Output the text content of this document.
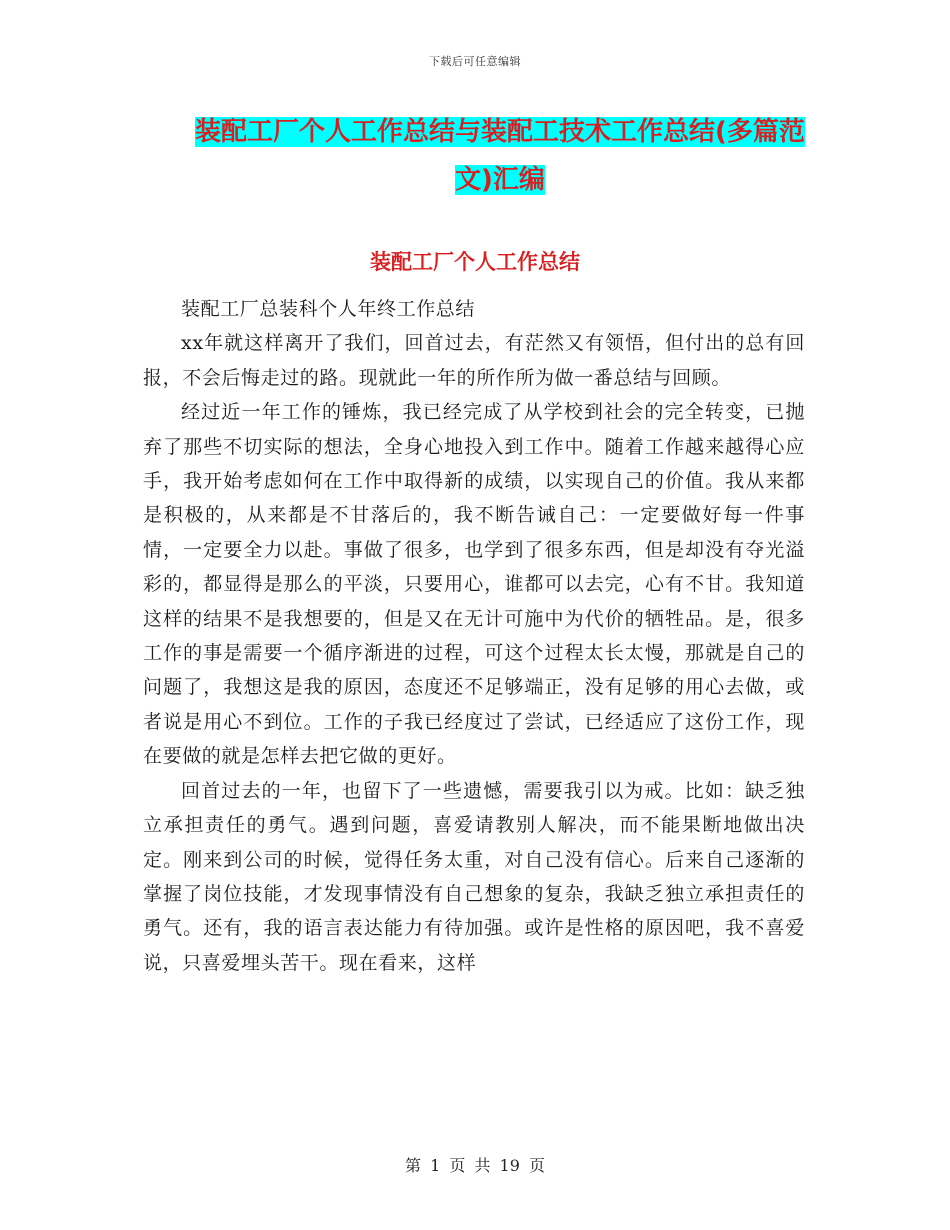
下载后可任意编辑
装配工厂个人工作总结与装配工技术工作总结(多篇范文)汇编
装配工厂个人工作总结

装配工厂总装科个人年终工作总结

xx年就这样离开了我们，回首过去，有茫然又有领悟，但付出的总有回报，不会后悔走过的路。现就此一年的所作所为做一番总结与回顾。

经过近一年工作的锤炼，我已经完成了从学校到社会的完全转变，已抛弃了那些不切实际的想法，全身心地投入到工作中。随着工作越来越得心应手，我开始考虑如何在工作中取得新的成绩，以实现自己的价值。我从来都是积极的，从来都是不甘落后的，我不断告诫自己：一定要做好每一件事情，一定要全力以赴。事做了很多，也学到了很多东西，但是却没有夺光溢彩的，都显得是那么的平淡，只要用心，谁都可以去完，心有不甘。我知道这样的结果不是我想要的，但是又在无计可施中为代价的牺牲品。是，很多工作的事是需要一个循序渐进的过程，可这个过程太长太慢，那就是自己的问题了，我想这是我的原因，态度还不足够端正，没有足够的用心去做，或者说是用心不到位。工作的子我已经度过了尝试，已经适应了这份工作，现在要做的就是怎样去把它做的更好。

回首过去的一年，也留下了一些遗憾，需要我引以为戒。比如：缺乏独立承担责任的勇气。遇到问题，喜爱请教别人解决，而不能果断地做出决定。刚来到公司的时候，觉得任务太重，对自己没有信心。后来自己逐渐的掌握了岗位技能，才发现事情没有自己想象的复杂，我缺乏独立承担责任的勇气。还有，我的语言表达能力有待加强。或许是性格的原因吧，我不喜爱说，只喜爱埋头苦干。现在看来，这样

第 1 页 共 19 页
